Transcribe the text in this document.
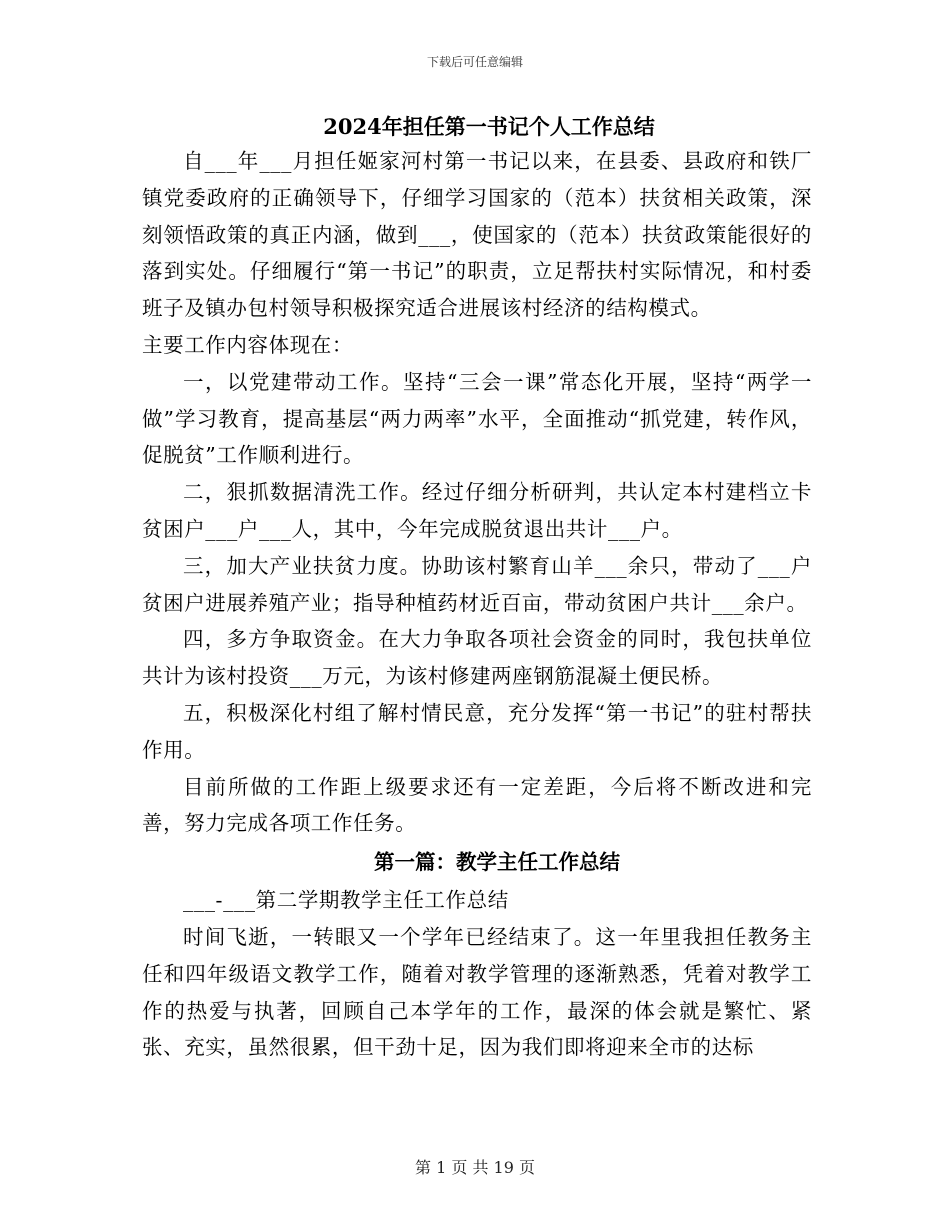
下载后可任意编辑
2024年担任第一书记个人工作总结

自___年___月担任姬家河村第一书记以来，在县委、县政府和铁厂镇党委政府的正确领导下，仔细学习国家的（范本）扶贫相关政策，深刻领悟政策的真正内涵，做到___，使国家的（范本）扶贫政策能很好的落到实处。仔细履行“第一书记”的职责，立足帮扶村实际情况，和村委班子及镇办包村领导积极探究适合进展该村经济的结构模式。

主要工作内容体现在：

一，以党建带动工作。坚持“三会一课”常态化开展，坚持“两学一做”学习教育，提高基层“两力两率”水平，全面推动“抓党建，转作风，促脱贫”工作顺利进行。

二，狠抓数据清洗工作。经过仔细分析研判，共认定本村建档立卡贫困户___户___人，其中，今年完成脱贫退出共计___户。

三，加大产业扶贫力度。协助该村繁育山羊___余只，带动了___户贫困户进展养殖产业；指导种植药材近百亩，带动贫困户共计___余户。

四，多方争取资金。在大力争取各项社会资金的同时，我包扶单位共计为该村投资___万元，为该村修建两座钢筋混凝土便民桥。

五，积极深化村组了解村情民意，充分发挥“第一书记”的驻村帮扶作用。

目前所做的工作距上级要求还有一定差距，今后将不断改进和完善，努力完成各项工作任务。

第一篇：教学主任工作总结

___-___第二学期教学主任工作总结

时间飞逝，一转眼又一个学年已经结束了。这一年里我担任教务主任和四年级语文教学工作，随着对教学管理的逐渐熟悉，凭着对教学工作的热爱与执著，回顾自己本学年的工作，最深的体会就是繁忙、紧张、充实，虽然很累，但干劲十足，因为我们即将迎来全市的达标

第 1 页 共 19 页
